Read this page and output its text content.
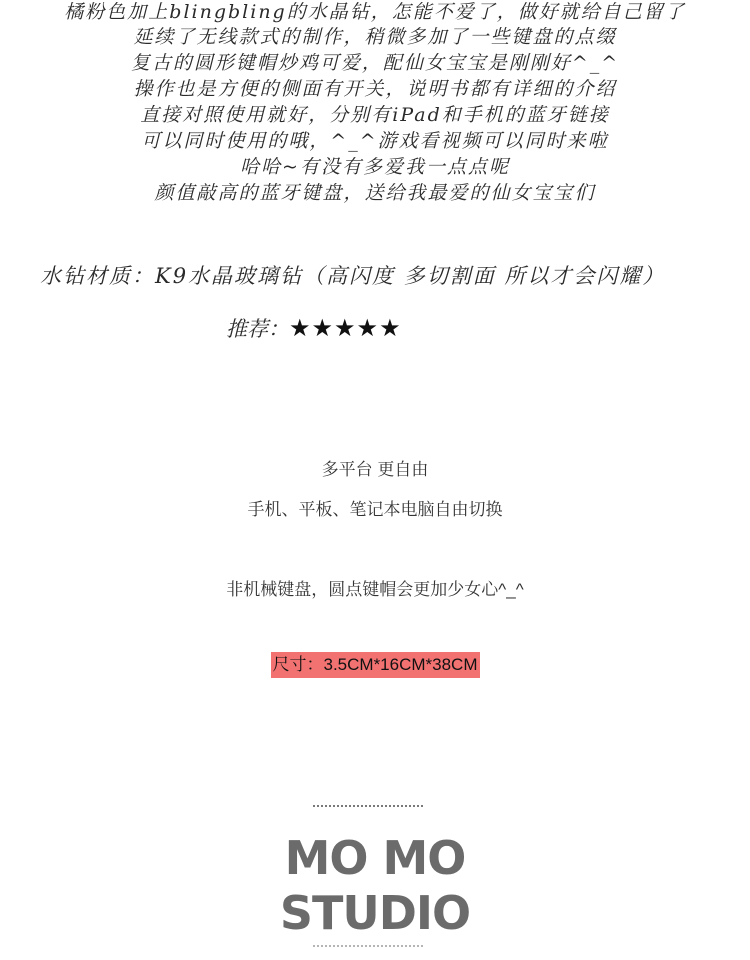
橘粉色加上blingbling的水晶钻，怎能不爱了，做好就给自己留了
延续了无线款式的制作，稍微多加了一些键盘的点缀
复古的圆形键帽炒鸡可爱，配仙女宝宝是刚刚好^_^
操作也是方便的侧面有开关，说明书都有详细的介绍
直接对照使用就好，分别有iPad和手机的蓝牙链接
可以同时使用的哦，^_^游戏看视频可以同时来啦
哈哈~有没有多爱我一点点呢
颜值敲高的蓝牙键盘，送给我最爱的仙女宝宝们
水钻材质：K9水晶玻璃钻（高闪度 多切割面 所以才会闪耀）
推荐：★★★★★
多平台 更自由
手机、平板、笔记本电脑自由切换
非机械键盘，圆点键帽会更加少女心^_^
尺寸：3.5CM*16CM*38CM
MO MO
STUDIO
